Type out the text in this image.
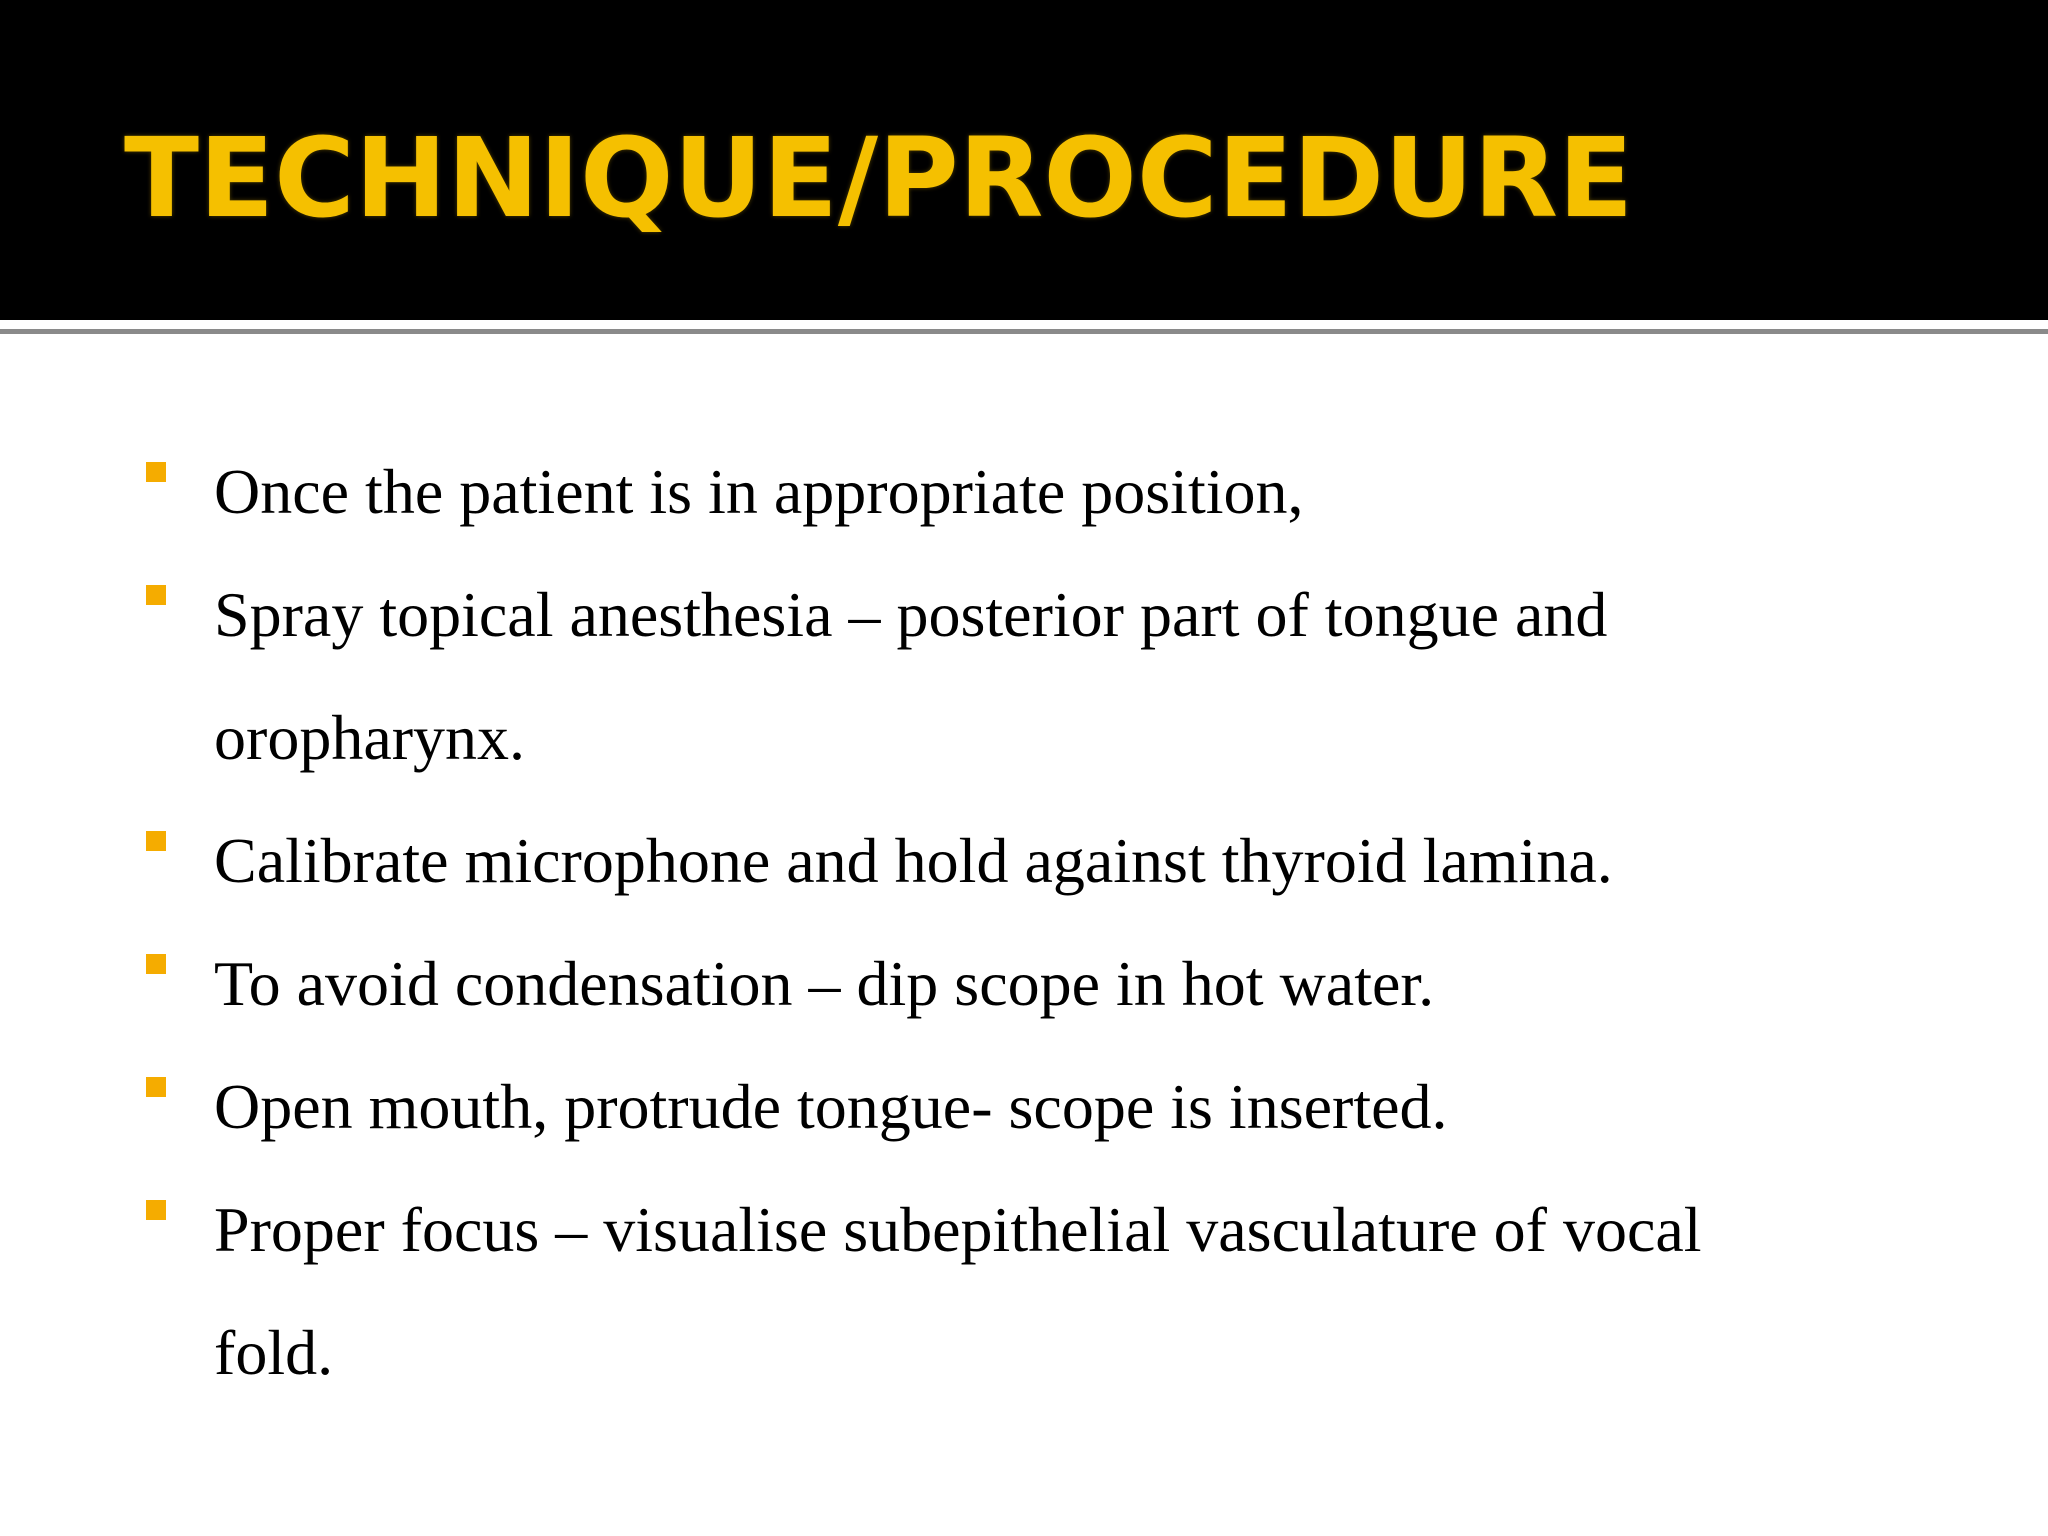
TECHNIQUE/PROCEDURE

Once the patient is in appropriate position,

Spray topical anesthesia – posterior part of tongue and
oropharynx.

Calibrate microphone and hold against thyroid lamina.

To avoid condensation – dip scope in hot water.

Open mouth, protrude tongue- scope is inserted.

Proper focus – visualise subepithelial vasculature of vocal
fold.
